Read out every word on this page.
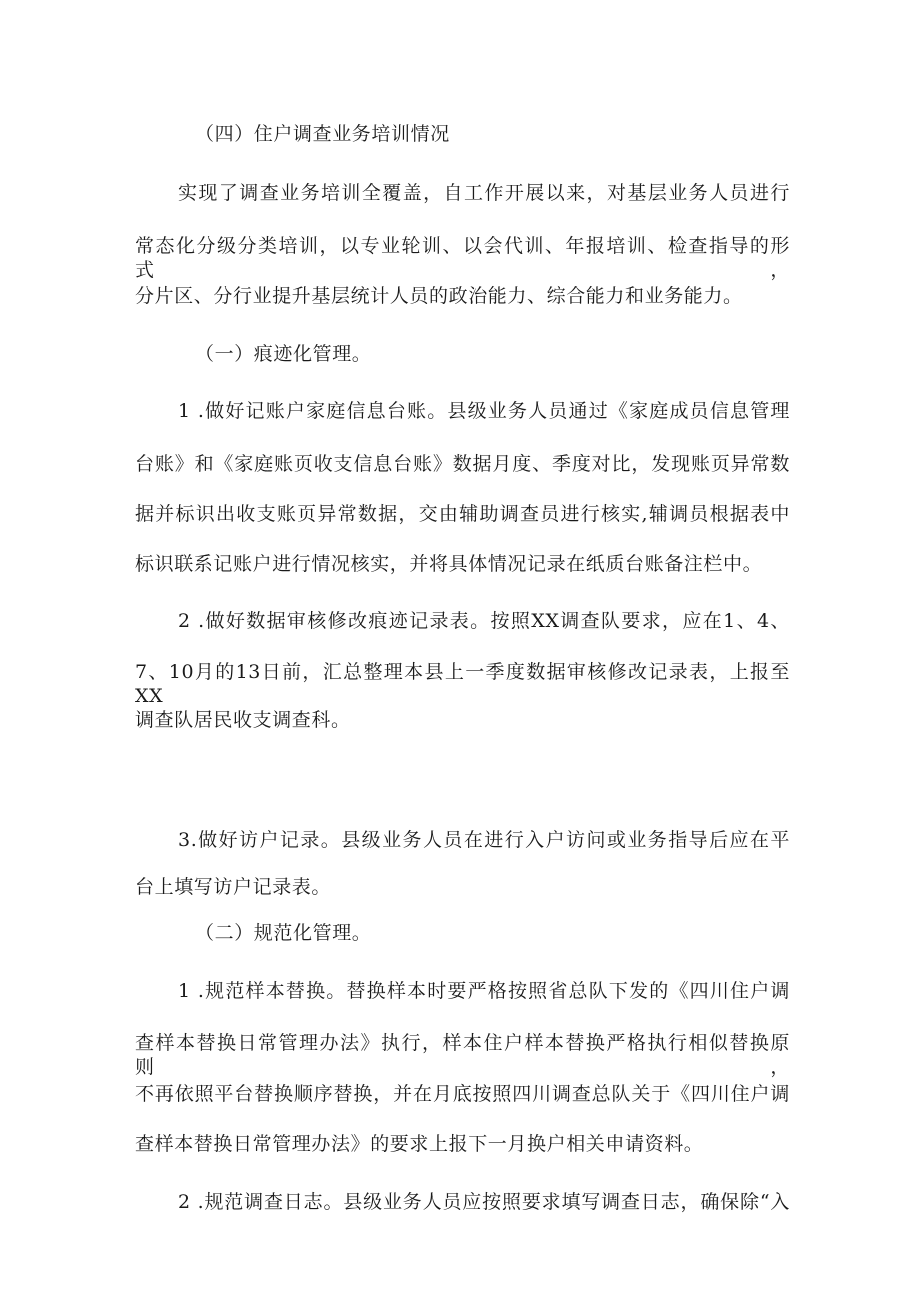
（四）住户调查业务培训情况
实现了调查业务培训全覆盖，自工作开展以来，对基层业务人员进行
常态化分级分类培训，以专业轮训、以会代训、年报培训、检查指导的形式，
分片区、分行业提升基层统计人员的政治能力、综合能力和业务能力。
（一）痕迹化管理。
1 .做好记账户家庭信息台账。县级业务人员通过《家庭成员信息管理
台账》和《家庭账页收支信息台账》数据月度、季度对比，发现账页异常数
据并标识出收支账页异常数据，交由辅助调查员进行核实,辅调员根据表中
标识联系记账户进行情况核实，并将具体情况记录在纸质台账备注栏中。
2 .做好数据审核修改痕迹记录表。按照XX调查队要求，应在1、4、
7、10月的13日前，汇总整理本县上一季度数据审核修改记录表，上报至XX
调查队居民收支调查科。
3.做好访户记录。县级业务人员在进行入户访问或业务指导后应在平
台上填写访户记录表。
（二）规范化管理。
1 .规范样本替换。替换样本时要严格按照省总队下发的《四川住户调
查样本替换日常管理办法》执行，样本住户样本替换严格执行相似替换原则，
不再依照平台替换顺序替换，并在月底按照四川调查总队关于《四川住户调
查样本替换日常管理办法》的要求上报下一月换户相关申请资料。
2 .规范调查日志。县级业务人员应按照要求填写调查日志，确保除“入
